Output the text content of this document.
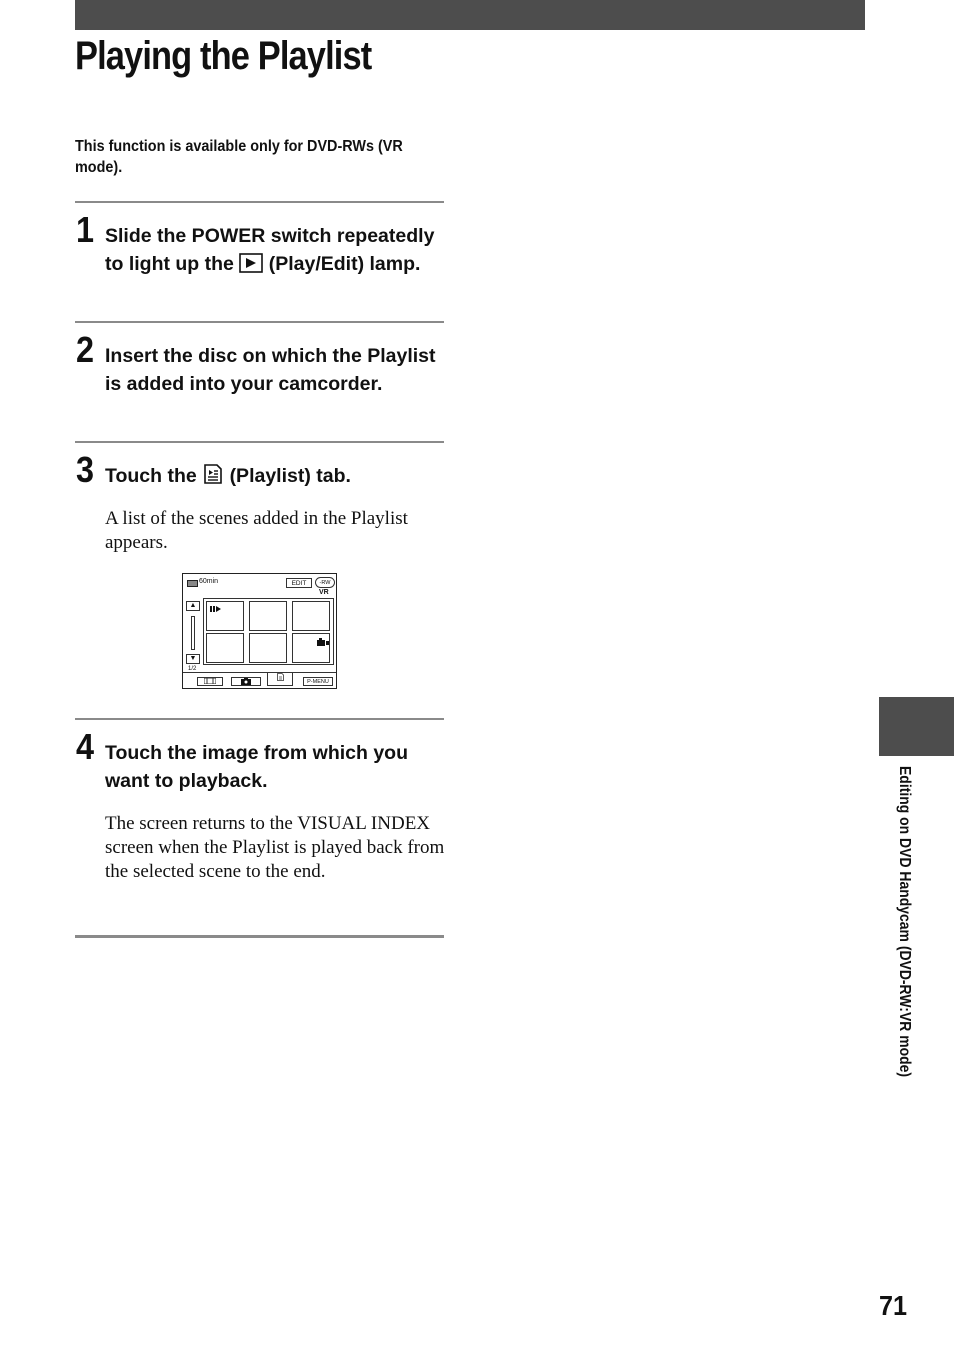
Playing the Playlist
This function is available only for DVD-RWs (VR mode).
1 Slide the POWER switch repeatedly to light up the (Play/Edit) lamp.
2 Insert the disc on which the Playlist is added into your camcorder.
3 Touch the (Playlist) tab.
A list of the scenes added in the Playlist appears.
60min	EDIT	-RW
VR
▲
▼
1/2
P-MENU
4 Touch the image from which you want to playback.
The screen returns to the VISUAL INDEX screen when the Playlist is played back from the selected scene to the end.	Editing on DVD Handycam (DVD-RW:VR mode)
71
